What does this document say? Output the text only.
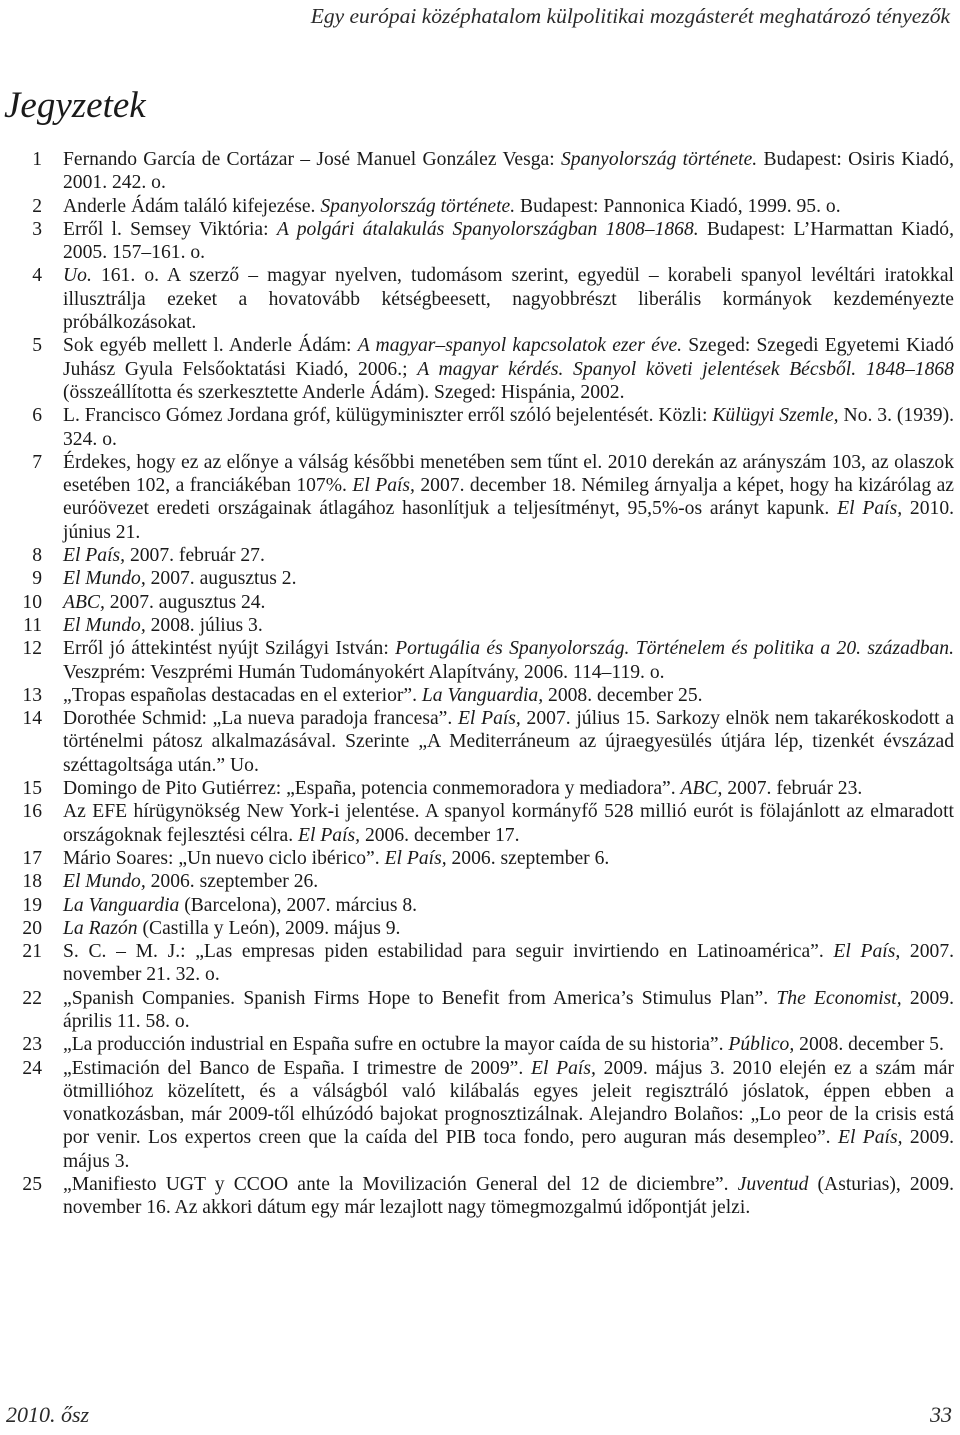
Egy európai középhatalom külpolitikai mozgásterét meghatározó tényezők
Jegyzetek
1 Fernando García de Cortázar – José Manuel González Vesga: Spanyolország története. Budapest: Osiris Kiadó, 2001. 242. o.
2 Anderle Ádám találó kifejezése. Spanyolország története. Budapest: Pannonica Kiadó, 1999. 95. o.
3 Erről l. Semsey Viktória: A polgári átalakulás Spanyolországban 1808–1868. Budapest: L’Harmattan Kiadó, 2005. 157–161. o.
4 Uo. 161. o. A szerző – magyar nyelven, tudomásom szerint, egyedül – korabeli spanyol levéltári iratokkal illusztrálja ezeket a hovatovább kétségbeesett, nagyobbrészt liberális kormányok kezdeményezte próbálkozásokat.
5 Sok egyéb mellett l. Anderle Ádám: A magyar–spanyol kapcsolatok ezer éve. Szeged: Szegedi Egyetemi Kiadó Juhász Gyula Felsőoktatási Kiadó, 2006.; A magyar kérdés. Spanyol követi jelentések Bécsből. 1848–1868 (összeállította és szerkesztette Anderle Ádám). Szeged: Hispánia, 2002.
6 L. Francisco Gómez Jordana gróf, külügyminiszter erről szóló bejelentését. Közli: Külügyi Szemle, No. 3. (1939). 324. o.
7 Érdekes, hogy ez az előnye a válság későbbi menetében sem tűnt el. 2010 derekán az arányszám 103, az olaszok esetében 102, a franciákéban 107%. El País, 2007. december 18. Némileg árnyalja a képet, hogy ha kizárólag az euróövezet eredeti országainak átlagához hasonlítjuk a teljesítményt, 95,5%-os arányt kapunk. El País, 2010. június 21.
8 El País, 2007. február 27.
9 El Mundo, 2007. augusztus 2.
10 ABC, 2007. augusztus 24.
11 El Mundo, 2008. július 3.
12 Erről jó áttekintést nyújt Szilágyi István: Portugália és Spanyolország. Történelem és politika a 20. században. Veszprém: Veszprémi Humán Tudományokért Alapítvány, 2006. 114–119. o.
13 „Tropas españolas destacadas en el exterior”. La Vanguardia, 2008. december 25.
14 Dorothée Schmid: „La nueva paradoja francesa”. El País, 2007. július 15. Sarkozy elnök nem takarékoskodott a történelmi pátosz alkalmazásával. Szerinte „A Mediterráneum az újraegyesülés útjára lép, tizenkét évszázad széttagoltsága után.” Uo.
15 Domingo de Pito Gutiérrez: „España, potencia conmemoradora y mediadora”. ABC, 2007. február 23.
16 Az EFE hírügynökség New York-i jelentése. A spanyol kormányfő 528 millió eurót is fölajánlott az elmaradott országoknak fejlesztési célra. El País, 2006. december 17.
17 Mário Soares: „Un nuevo ciclo ibérico”. El País, 2006. szeptember 6.
18 El Mundo, 2006. szeptember 26.
19 La Vanguardia (Barcelona), 2007. március 8.
20 La Razón (Castilla y León), 2009. május 9.
21 S. C. – M. J.: „Las empresas piden estabilidad para seguir invirtiendo en Latinoamérica”. El País, 2007. november 21. 32. o.
22 „Spanish Companies. Spanish Firms Hope to Benefit from America’s Stimulus Plan”. The Economist, 2009. április 11. 58. o.
23 „La producción industrial en España sufre en octubre la mayor caída de su historia”. Público, 2008. december 5.
24 „Estimación del Banco de España. I trimestre de 2009”. El País, 2009. május 3. 2010 elején ez a szám már ötmillióhoz közelített, és a válságból való kilábalás egyes jeleit regisztráló jóslatok, éppen ebben a vonatkozásban, már 2009-től elhúzódó bajokat prognosztizálnak. Alejandro Bolaños: „Lo peor de la crisis está por venir. Los expertos creen que la caída del PIB toca fondo, pero auguran más desempleo”. El País, 2009. május 3.
25 „Manifiesto UGT y CCOO ante la Movilización General del 12 de diciembre”. Juventud (Asturias), 2009. november 16. Az akkori dátum egy már lezajlott nagy tömegmozgalmú időpontját jelzi.
2010. ősz	33
